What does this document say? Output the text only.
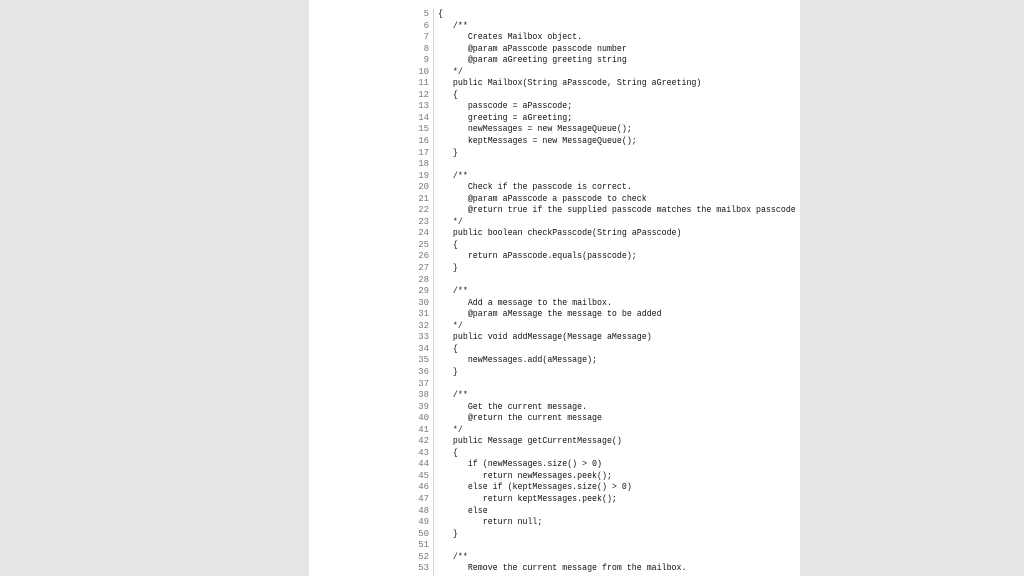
5 {
6 /**
7 Creates Mailbox object.
8 @param aPasscode passcode number
9 @param aGreeting greeting string
10 */
11 public Mailbox(String aPasscode, String aGreeting)
12 {
13 passcode = aPasscode;
14 greeting = aGreeting;
15 newMessages = new MessageQueue();
16 keptMessages = new MessageQueue();
17 }
18
19 /**
20 Check if the passcode is correct.
21 @param aPasscode a passcode to check
22 @return true if the supplied passcode matches the mailbox passcode
23 */
24 public boolean checkPasscode(String aPasscode)
25 {
26 return aPasscode.equals(passcode);
27 }
28
29 /**
30 Add a message to the mailbox.
31 @param aMessage the message to be added
32 */
33 public void addMessage(Message aMessage)
34 {
35 newMessages.add(aMessage);
36 }
37
38 /**
39 Get the current message.
40 @return the current message
41 */
42 public Message getCurrentMessage()
43 {
44 if (newMessages.size() > 0)
45 return newMessages.peek();
46 else if (keptMessages.size() > 0)
47 return keptMessages.peek();
48 else
49 return null;
50 }
51
52 /**
53 Remove the current message from the mailbox.
